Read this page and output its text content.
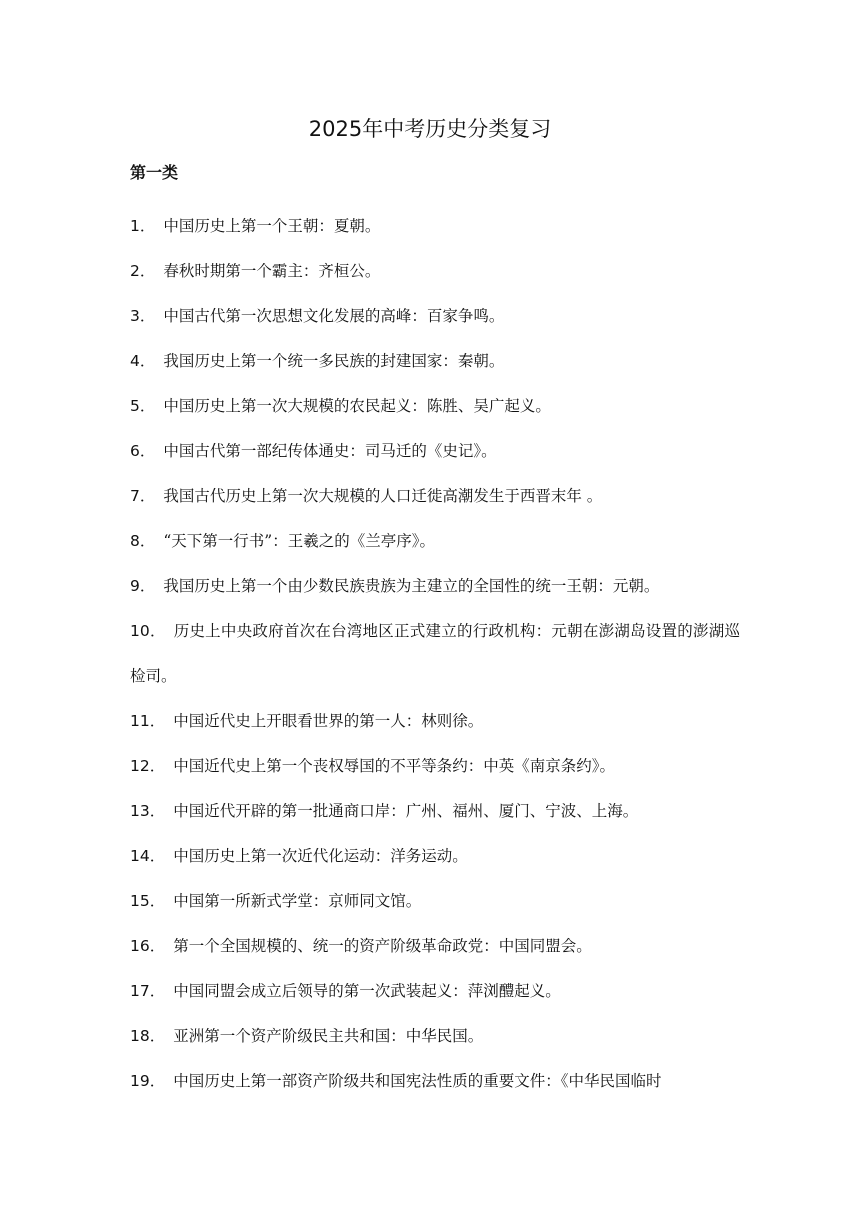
2025年中考历史分类复习
第一类
1． 中国历史上第一个王朝：夏朝。
2． 春秋时期第一个霸主：齐桓公。
3． 中国古代第一次思想文化发展的高峰：百家争鸣。
4． 我国历史上第一个统一多民族的封建国家：秦朝。
5． 中国历史上第一次大规模的农民起义：陈胜、吴广起义。
6． 中国古代第一部纪传体通史：司马迁的《史记》。
7． 我国古代历史上第一次大规模的人口迁徙高潮发生于西晋末年 。
8． “天下第一行书”：王羲之的《兰亭序》。
9． 我国历史上第一个由少数民族贵族为主建立的全国性的统一王朝：元朝。
10． 历史上中央政府首次在台湾地区正式建立的行政机构：元朝在澎湖岛设置的澎湖巡检司。
11． 中国近代史上开眼看世界的第一人：林则徐。
12． 中国近代史上第一个丧权辱国的不平等条约：中英《南京条约》。
13． 中国近代开辟的第一批通商口岸：广州、福州、厦门、宁波、上海。
14． 中国历史上第一次近代化运动：洋务运动。
15． 中国第一所新式学堂：京师同文馆。
16． 第一个全国规模的、统一的资产阶级革命政党：中国同盟会。
17． 中国同盟会成立后领导的第一次武装起义：萍浏醴起义。
18． 亚洲第一个资产阶级民主共和国：中华民国。
19． 中国历史上第一部资产阶级共和国宪法性质的重要文件：《中华民国临时
